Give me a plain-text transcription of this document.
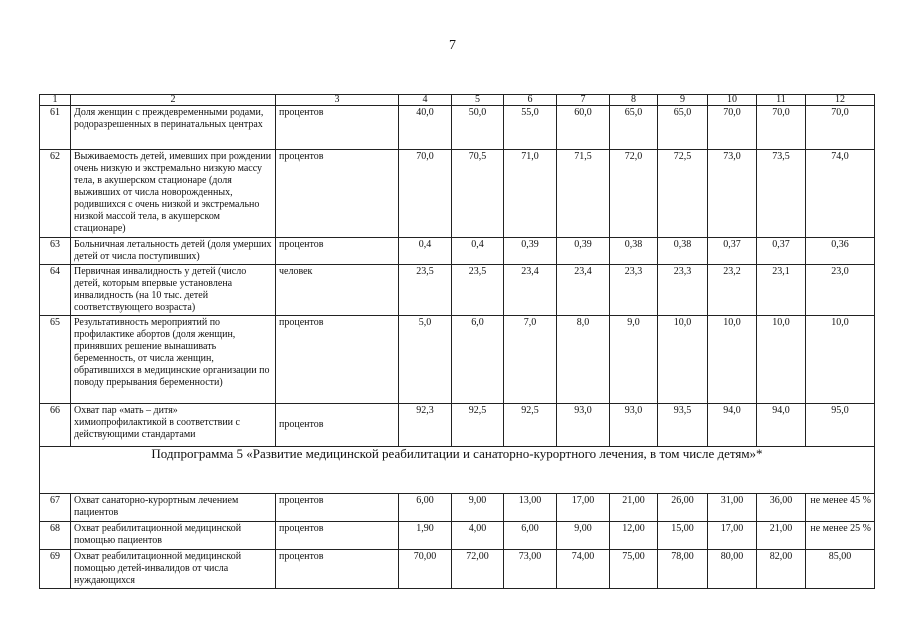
7
1	2	3	4	5	6	7	8	9	10	11	12
61	Доля женщин с преждевременными родами, родоразрешенных в перинатальных центрах	процентов	40,0	50,0	55,0	60,0	65,0	65,0	70,0	70,0	70,0
62	Выживаемость детей, имевших при рождении очень низкую и экстремально низкую массу тела, в акушерском стационаре (доля выживших от числа новорожденных, родившихся с очень низкой и экстремально низкой массой тела, в акушерском стационаре)	процентов	70,0	70,5	71,0	71,5	72,0	72,5	73,0	73,5	74,0
63	Больничная летальность детей (доля умерших детей от числа поступивших)	процентов	0,4	0,4	0,39	0,39	0,38	0,38	0,37	0,37	0,36
64	Первичная инвалидность у детей (число детей, которым впервые установлена инвалидность (на 10 тыс. детей соответствующего возраста)	человек	23,5	23,5	23,4	23,4	23,3	23,3	23,2	23,1	23,0
65	Результативность мероприятий по профилактике абортов (доля женщин, принявших решение вынашивать беременность, от числа женщин, обратившихся в медицинские организации по поводу прерывания беременности)	процентов	5,0	6,0	7,0	8,0	9,0	10,0	10,0	10,0	10,0
66	Охват пар «мать – дитя» химиопрофилактикой в соответствии с действующими стандартами	процентов	92,3	92,5	92,5	93,0	93,0	93,5	94,0	94,0	95,0
Подпрограмма 5 «Развитие медицинской реабилитации и санаторно-курортного лечения, в том числе детям»*											
67	Охват санаторно-курортным лечением пациентов	процентов	6,00	9,00	13,00	17,00	21,00	26,00	31,00	36,00	не менее 45 %
68	Охват реабилитационной медицинской помощью пациентов	процентов	1,90	4,00	6,00	9,00	12,00	15,00	17,00	21,00	не менее 25 %
69	Охват реабилитационной медицинской помощью детей-инвалидов от числа нуждающихся	процентов	70,00	72,00	73,00	74,00	75,00	78,00	80,00	82,00	85,00
